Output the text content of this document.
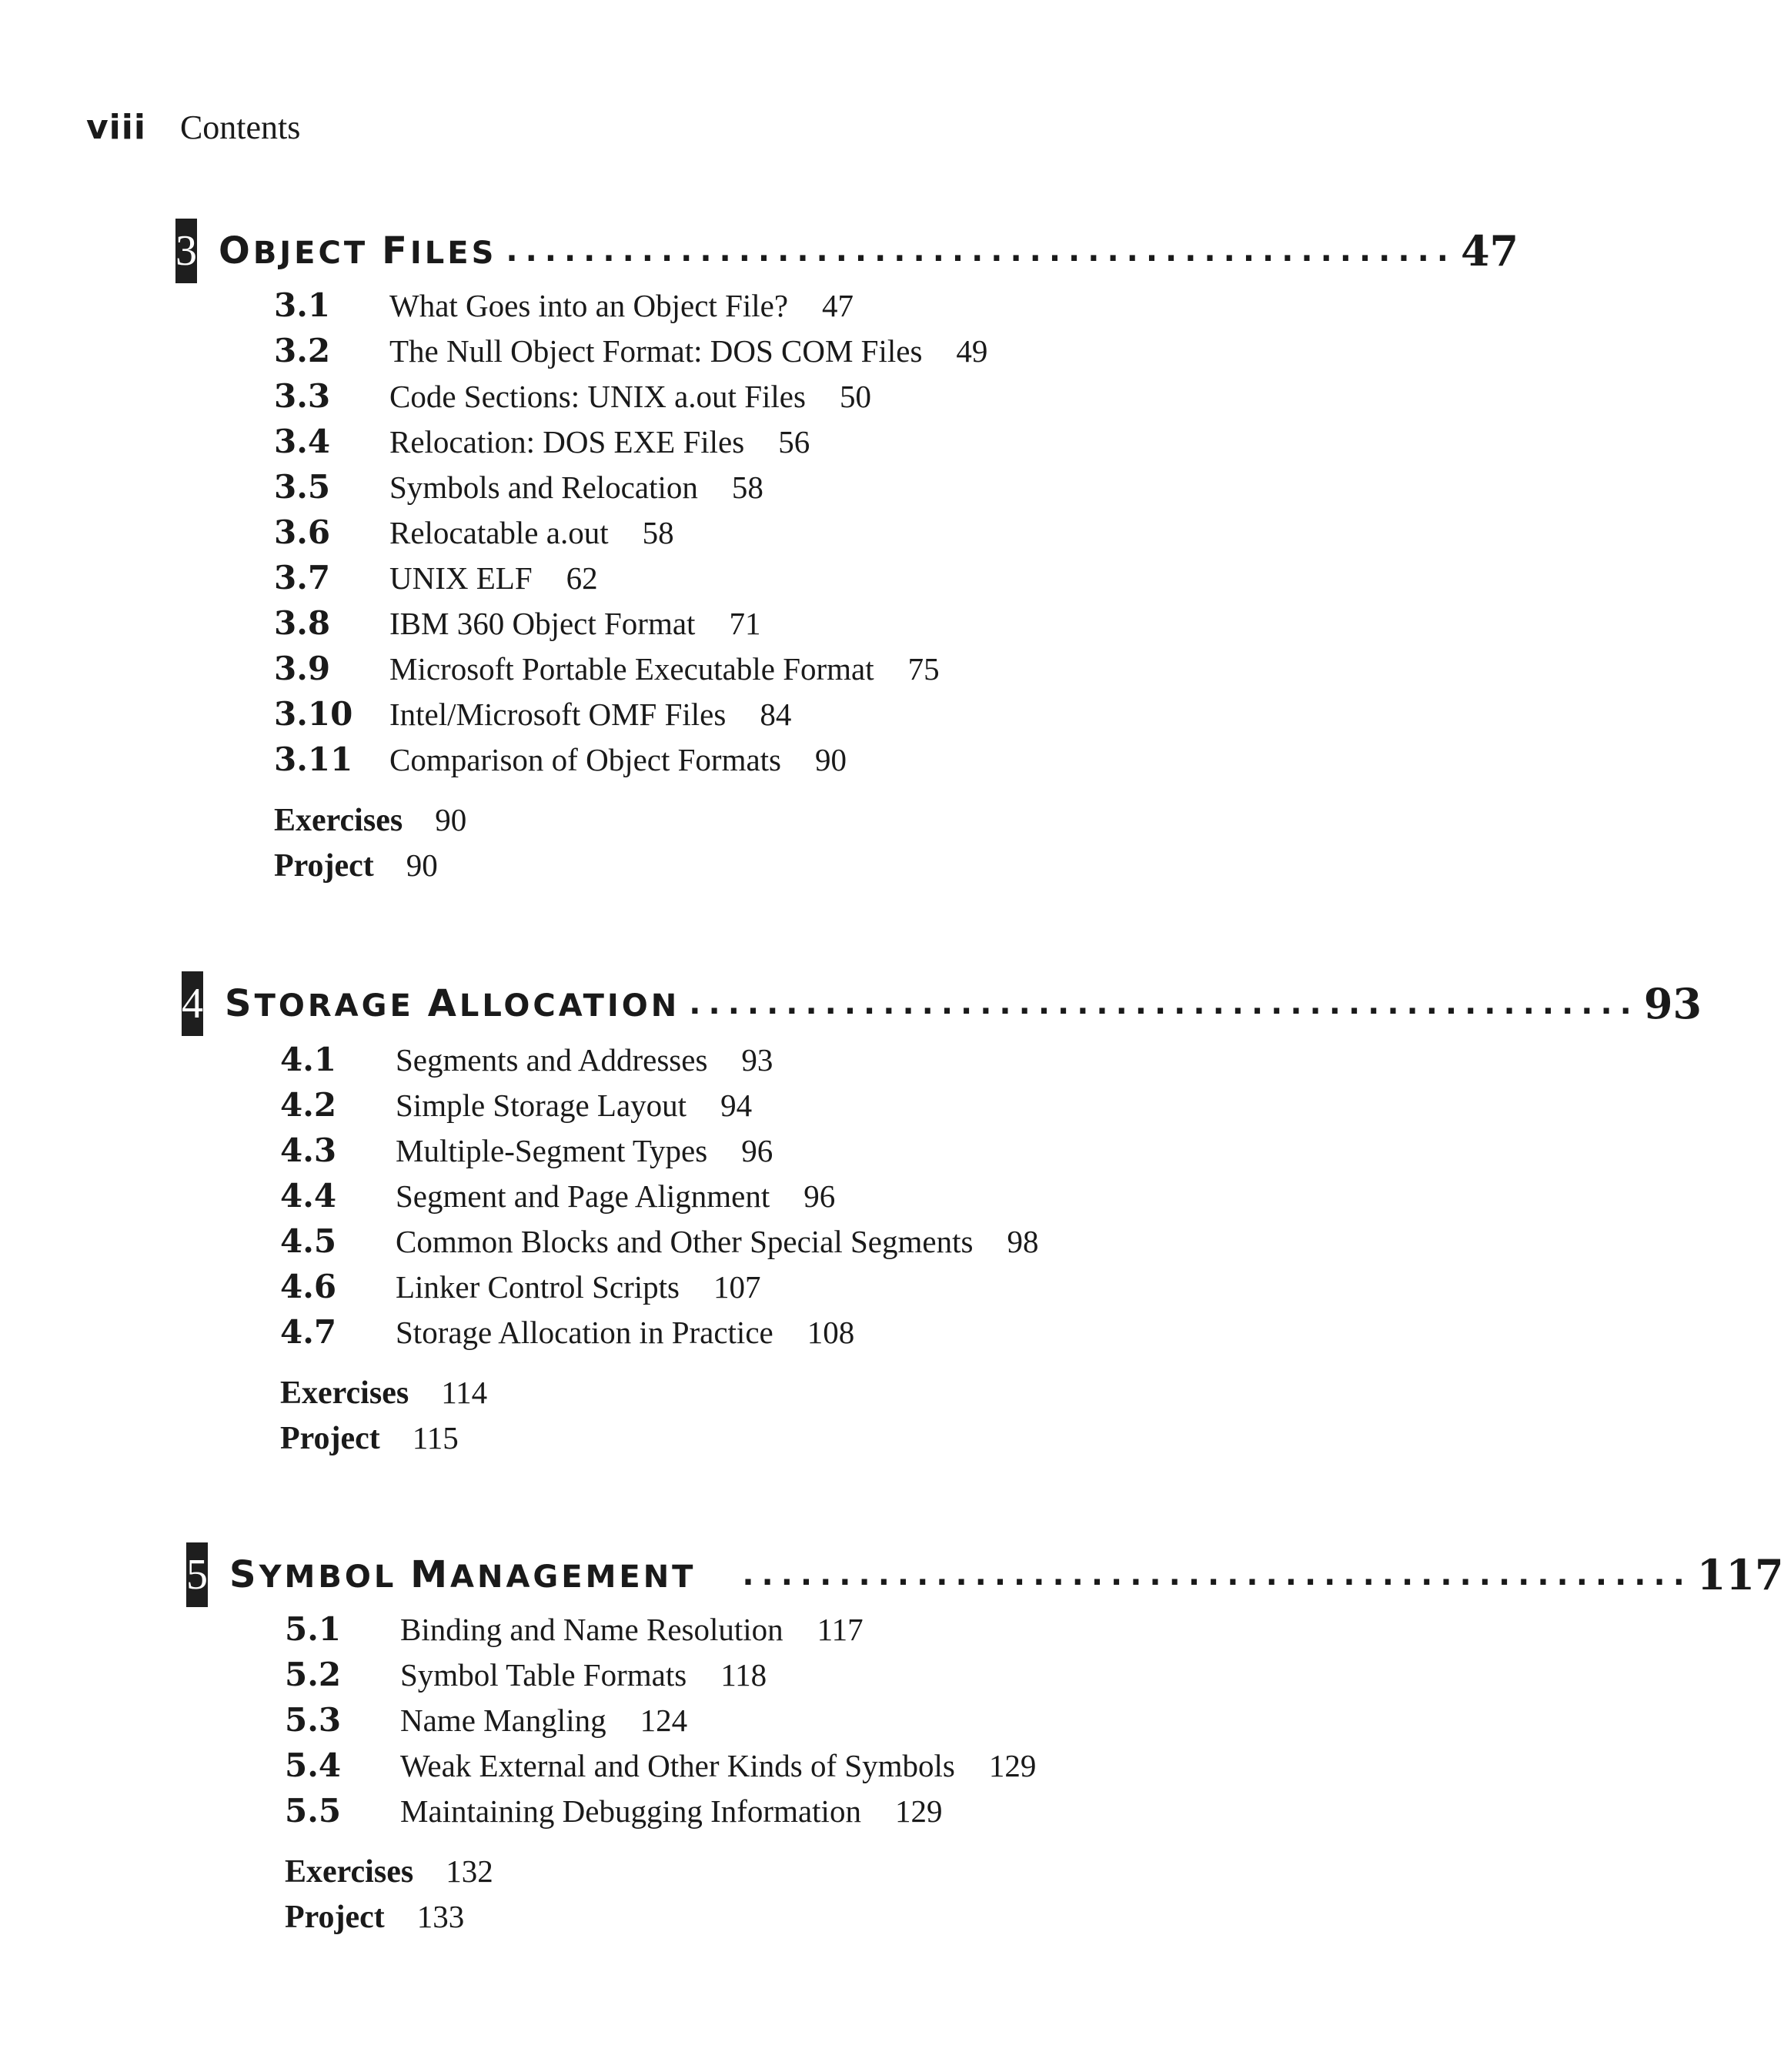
viii Contents
3 OBJECT FILES ................................................. 47
3.1	What Goes into an Object File? 47
3.2	The Null Object Format: DOS COM Files 49
3.3	Code Sections: UNIX a.out Files 50
3.4	Relocation: DOS EXE Files 56
3.5	Symbols and Relocation 58
3.6	Relocatable a.out 58
3.7	UNIX ELF 62
3.8	IBM 360 Object Format 71
3.9	Microsoft Portable Executable Format 75
3.10	Intel/Microsoft OMF Files 84
3.11	Comparison of Object Formats 90
Exercises 90
Project 90
4 STORAGE ALLOCATION ................................................. 93
4.1	Segments and Addresses 93
4.2	Simple Storage Layout 94
4.3	Multiple-Segment Types 96
4.4	Segment and Page Alignment 96
4.5	Common Blocks and Other Special Segments 98
4.6	Linker Control Scripts 107
4.7	Storage Allocation in Practice 108
Exercises 114
Project 115
5 SYMBOL MANAGEMENT ................................................. 117
5.1	Binding and Name Resolution 117
5.2	Symbol Table Formats 118
5.3	Name Mangling 124
5.4	Weak External and Other Kinds of Symbols 129
5.5	Maintaining Debugging Information 129
Exercises 132
Project 133
